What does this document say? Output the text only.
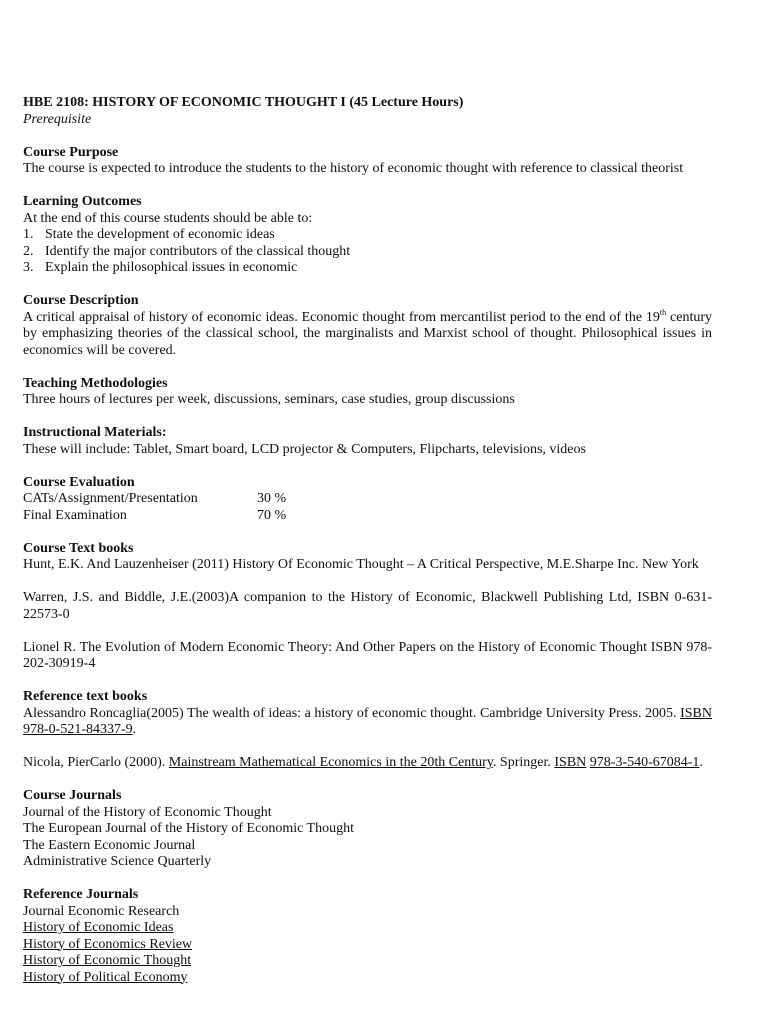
HBE 2108: HISTORY OF ECONOMIC THOUGHT I (45 Lecture Hours)
Prerequisite
Course Purpose
The course is expected to introduce the students to the history of economic thought with reference to classical theorist
Learning Outcomes
At the end of this course students should be able to:
1. State the development of economic ideas
2. Identify the major contributors of the classical thought
3. Explain the philosophical issues in economic
Course Description
A critical appraisal of history of economic ideas. Economic thought from mercantilist period to the end of the 19th century by emphasizing theories of the classical school, the marginalists and Marxist school of thought. Philosophical issues in economics will be covered.
Teaching Methodologies
Three hours of lectures per week, discussions, seminars, case studies, group discussions
Instructional Materials:
These will include: Tablet, Smart board, LCD projector & Computers, Flipcharts, televisions, videos
Course Evaluation
CATs/Assignment/Presentation	30 %
Final Examination	70 %
Course Text books
Hunt, E.K. And Lauzenheiser (2011) History Of Economic Thought – A Critical Perspective, M.E.Sharpe Inc. New York
Warren, J.S. and Biddle, J.E.(2003)A companion to the History of Economic, Blackwell Publishing Ltd, ISBN 0-631-22573-0
Lionel R. The Evolution of Modern Economic Theory: And Other Papers on the History of Economic Thought ISBN 978-202-30919-4
Reference text books
Alessandro Roncaglia(2005) The wealth of ideas: a history of economic thought. Cambridge University Press. 2005. ISBN 978-0-521-84337-9.
Nicola, PierCarlo (2000). Mainstream Mathematical Economics in the 20th Century. Springer. ISBN 978-3-540-67084-1.
Course Journals
Journal of the History of Economic Thought
The European Journal of the History of Economic Thought
The Eastern Economic Journal
Administrative Science Quarterly
Reference Journals
Journal Economic Research
History of Economic Ideas
History of Economics Review
History of Economic Thought
History of Political Economy
